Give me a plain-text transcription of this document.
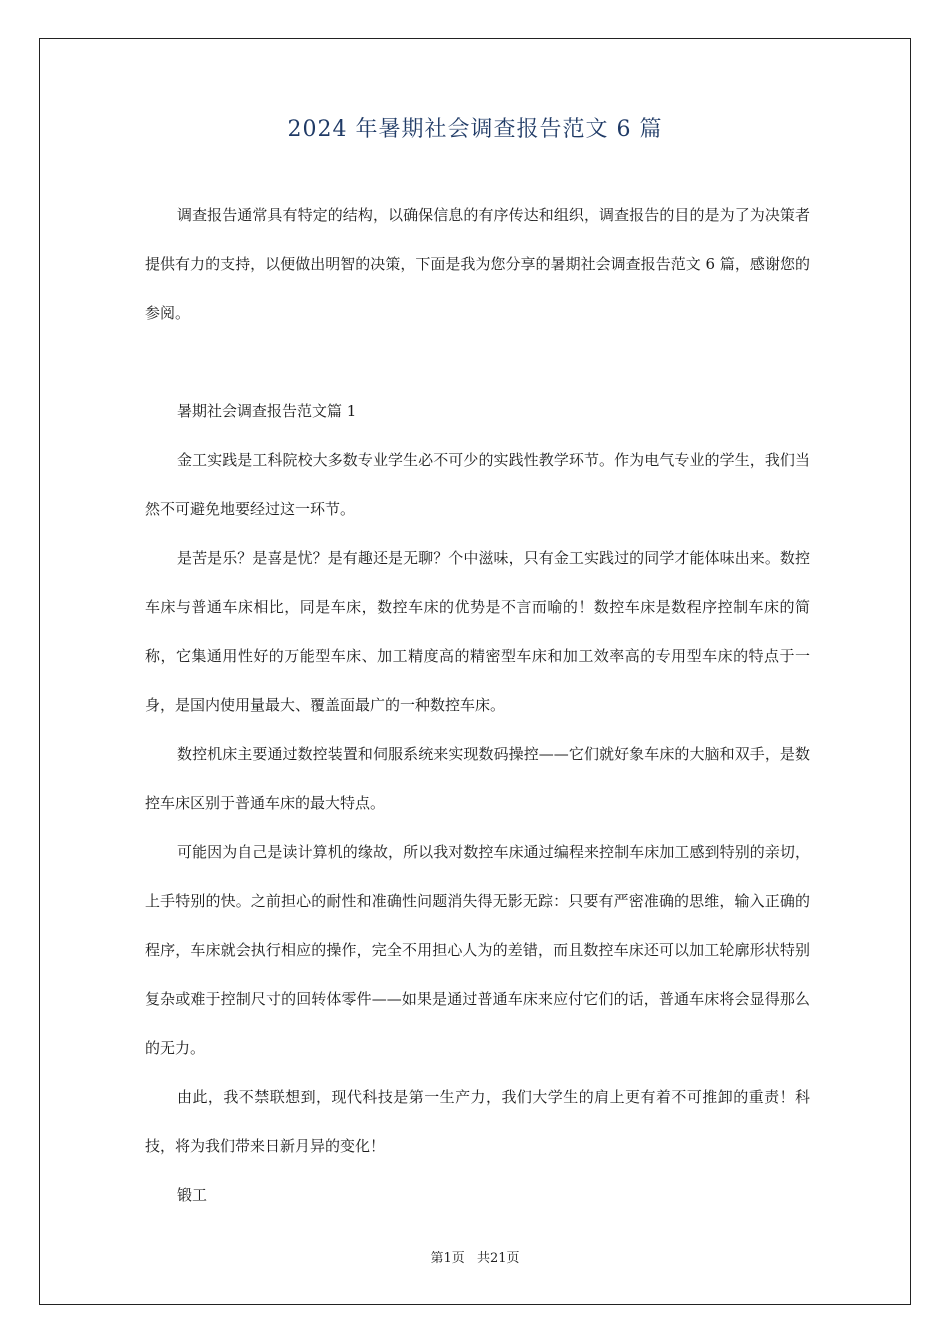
2024 年暑期社会调查报告范文 6 篇

调查报告通常具有特定的结构，以确保信息的有序传达和组织，调查报告的目的是为了为决策者提供有力的支持，以便做出明智的决策，下面是我为您分享的暑期社会调查报告范文 6 篇，感谢您的参阅。

暑期社会调查报告范文篇 1

金工实践是工科院校大多数专业学生必不可少的实践性教学环节。作为电气专业的学生，我们当然不可避免地要经过这一环节。

是苦是乐？是喜是忧？是有趣还是无聊？个中滋味，只有金工实践过的同学才能体味出来。数控车床与普通车床相比，同是车床，数控车床的优势是不言而喻的！数控车床是数程序控制车床的简称，它集通用性好的万能型车床、加工精度高的精密型车床和加工效率高的专用型车床的特点于一身，是国内使用量最大、覆盖面最广的一种数控车床。

数控机床主要通过数控装置和伺服系统来实现数码操控——它们就好象车床的大脑和双手，是数控车床区别于普通车床的最大特点。

可能因为自己是读计算机的缘故，所以我对数控车床通过编程来控制车床加工感到特别的亲切，上手特别的快。之前担心的耐性和准确性问题消失得无影无踪：只要有严密准确的思维，输入正确的程序，车床就会执行相应的操作，完全不用担心人为的差错，而且数控车床还可以加工轮廓形状特别复杂或难于控制尺寸的回转体零件——如果是通过普通车床来应付它们的话，普通车床将会显得那么的无力。

由此，我不禁联想到，现代科技是第一生产力，我们大学生的肩上更有着不可推卸的重责！科技，将为我们带来日新月异的变化！

锻工

第1页 共21页
